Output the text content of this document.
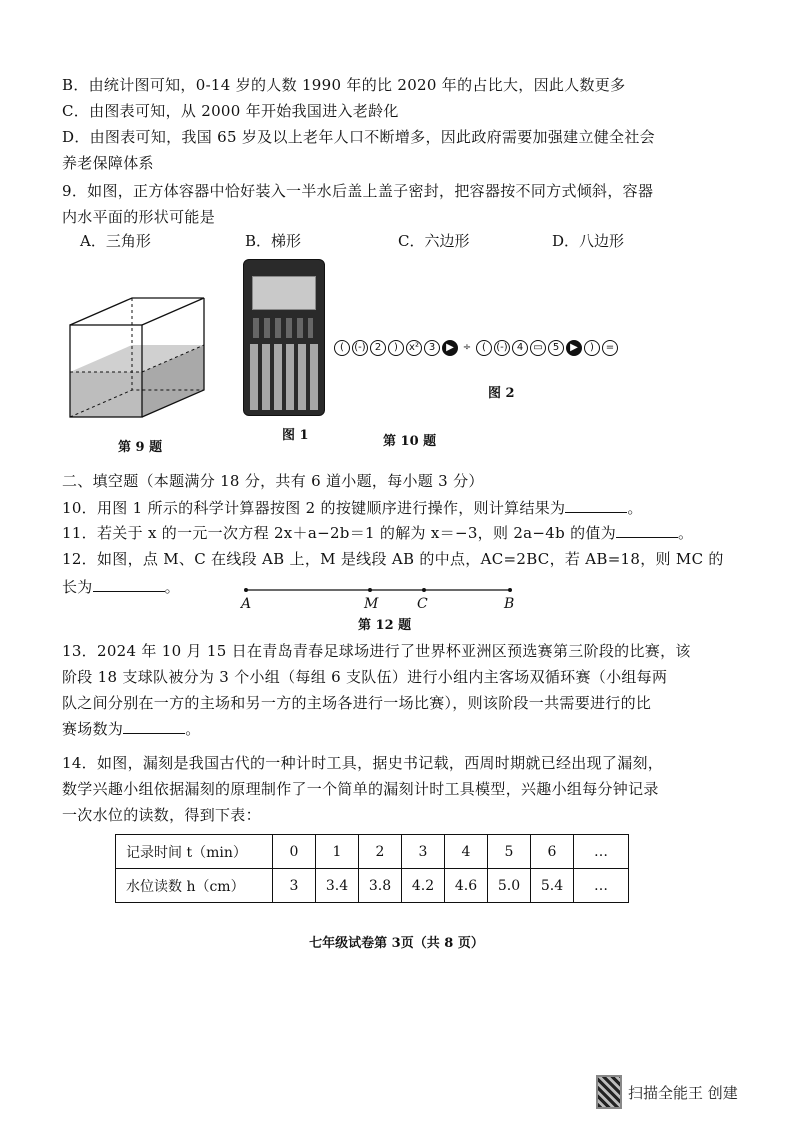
B．由统计图可知，0-14 岁的人数 1990 年的比 2020 年的占比大，因此人数更多
C．由图表可知，从 2000 年开始我国进入老龄化
D．由图表可知，我国 65 岁及以上老年人口不断增多，因此政府需要加强建立健全社会
养老保障体系
9．如图，正方体容器中恰好装入一半水后盖上盖子密封，把容器按不同方式倾斜，容器
内水平面的形状可能是
A．三角形	B．梯形	C．六边形	D．八边形
第 9 题
图 1
(	(-) 2	)	x² 3	▶ ÷	(	(-) 4	▭	5	▶	)	=
图 2
第 10 题
二、填空题（本题满分 18 分，共有 6 道小题，每小题 3 分）
10．用图 1 所示的科学计算器按图 2 的按键顺序进行操作，则计算结果为	。
11．若关于 x 的一元一次方程 2x＋a−2b＝1 的解为 x＝−3，则 2a−4b 的值为	。
12．如图，点 M、C 在线段 AB 上，M 是线段 AB 的中点，AC=2BC，若 AB=18，则 MC 的
长为	。
A	M	C	B
第 12 题
13．2024 年 10 月 15 日在青岛青春足球场进行了世界杯亚洲区预选赛第三阶段的比赛，该
阶段 18 支球队被分为 3 个小组（每组 6 支队伍）进行小组内主客场双循环赛（小组每两
队之间分别在一方的主场和另一方的主场各进行一场比赛），则该阶段一共需要进行的比
赛场数为	。
14．如图，漏刻是我国古代的一种计时工具，据史书记载，西周时期就已经出现了漏刻，
数学兴趣小组依据漏刻的原理制作了一个简单的漏刻计时工具模型，兴趣小组每分钟记录
一次水位的读数，得到下表：
记录时间 t（min）	0	1	2	3	4	5	6	…
水位读数 h（cm）	3	3.4	3.8	4.2	4.6	5.0	5.4	…
七年级试卷第 3页（共 8 页）
扫描全能王 创建
